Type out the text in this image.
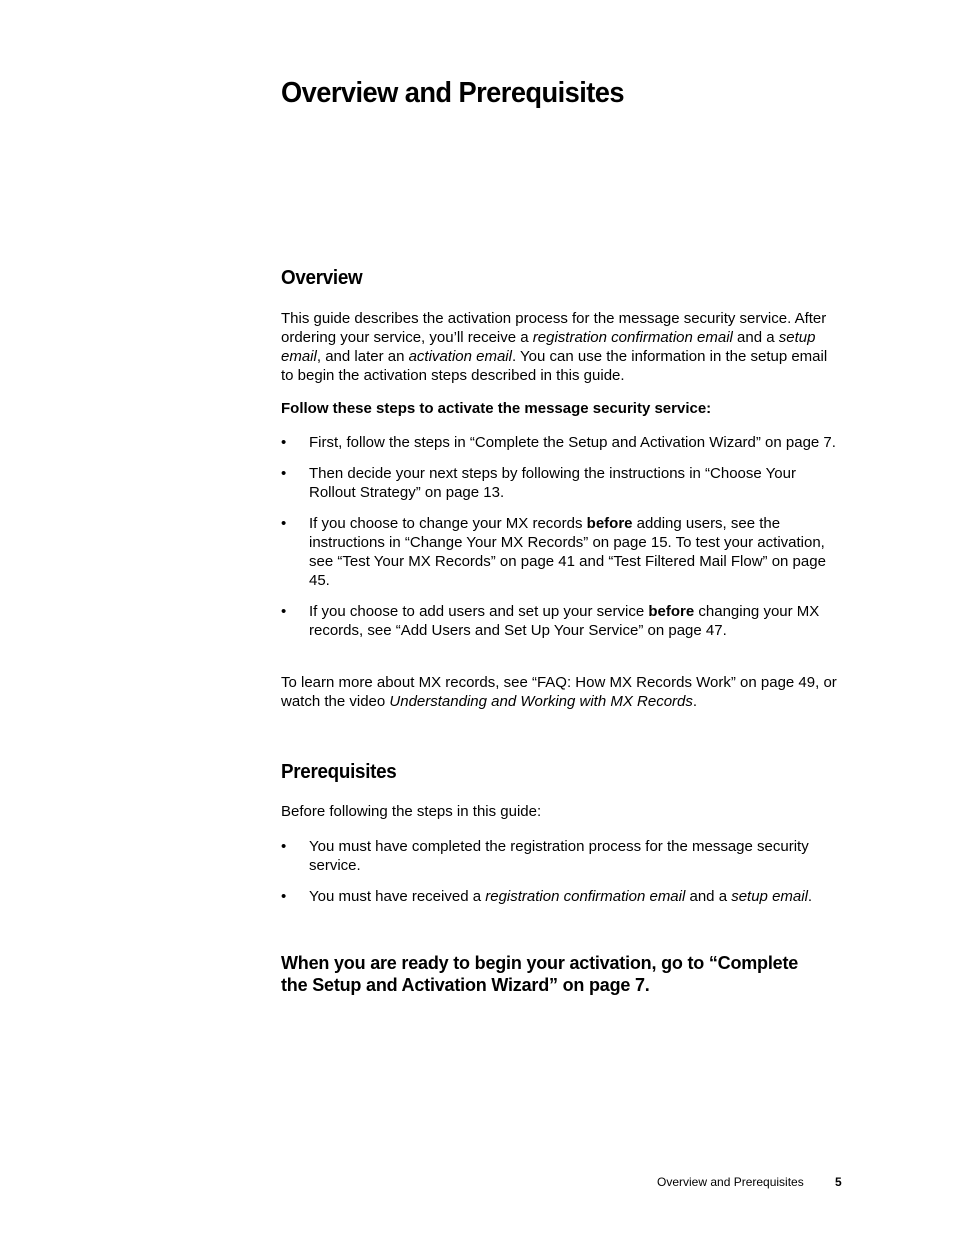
Overview and Prerequisites
Overview

This guide describes the activation process for the message security service. After ordering your service, you’ll receive a registration confirmation email and a setup email, and later an activation email. You can use the information in the setup email to begin the activation steps described in this guide.

Follow these steps to activate the message security service:

• First, follow the steps in “Complete the Setup and Activation Wizard” on page 7.
• Then decide your next steps by following the instructions in “Choose Your Rollout Strategy” on page 13.
• If you choose to change your MX records before adding users, see the instructions in “Change Your MX Records” on page 15. To test your activation, see “Test Your MX Records” on page 41 and “Test Filtered Mail Flow” on page 45.
• If you choose to add users and set up your service before changing your MX records, see “Add Users and Set Up Your Service” on page 47.

To learn more about MX records, see “FAQ: How MX Records Work” on page 49, or watch the video Understanding and Working with MX Records.

Prerequisites

Before following the steps in this guide:

• You must have completed the registration process for the message security service.
• You must have received a registration confirmation email and a setup email.

When you are ready to begin your activation, go to “Complete the Setup and Activation Wizard” on page 7.

Overview and Prerequisites	5
